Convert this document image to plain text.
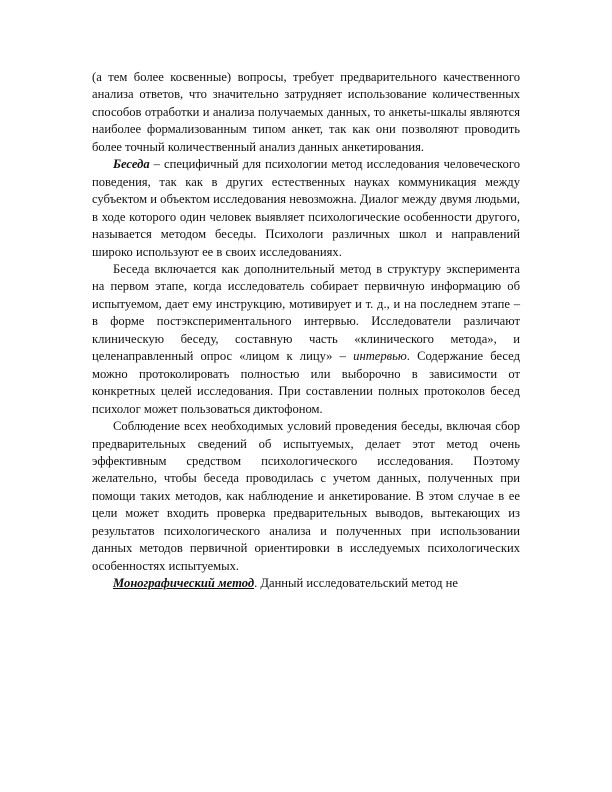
(а тем более косвенные) вопросы, требует предварительного качественного анализа ответов, что значительно затрудняет использование количественных способов отработки и анализа получаемых данных, то анкеты-шкалы являются наиболее формализованным типом анкет, так как они позволяют проводить более точный количественный анализ данных анкетирования.

Беседа – специфичный для психологии метод исследования человеческого поведения, так как в других естественных науках коммуникация между субъектом и объектом исследования невозможна. Диалог между двумя людьми, в ходе которого один человек выявляет психологические особенности другого, называется методом беседы. Психологи различных школ и направлений широко используют ее в своих исследованиях.

Беседа включается как дополнительный метод в структуру эксперимента на первом этапе, когда исследователь собирает первичную информацию об испытуемом, дает ему инструкцию, мотивирует и т. д., и на последнем этапе – в форме постэкспериментального интервью. Исследователи различают клиническую беседу, составную часть «клинического метода», и целенаправленный опрос «лицом к лицу» – интервью. Содержание бесед можно протоколировать полностью или выборочно в зависимости от конкретных целей исследования. При составлении полных протоколов бесед психолог может пользоваться диктофоном.

Соблюдение всех необходимых условий проведения беседы, включая сбор предварительных сведений об испытуемых, делает этот метод очень эффективным средством психологического исследования. Поэтому желательно, чтобы беседа проводилась с учетом данных, полученных при помощи таких методов, как наблюдение и анкетирование. В этом случае в ее цели может входить проверка предварительных выводов, вытекающих из результатов психологического анализа и полученных при использовании данных методов первичной ориентировки в исследуемых психологических особенностях испытуемых.

Монографический метод. Данный исследовательский метод не
